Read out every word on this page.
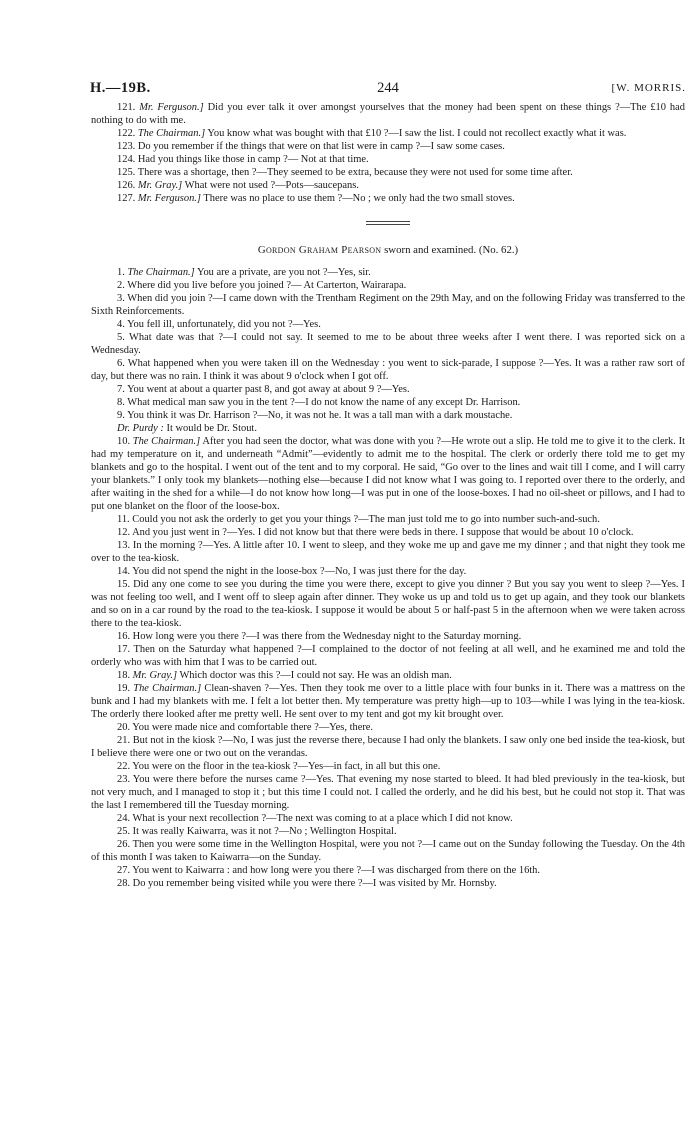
H.—19B.	244	[W. MORRIS.

121. Mr. Ferguson.] Did you ever talk it over amongst yourselves that the money had been spent on these things ?—The £10 had nothing to do with me.

122. The Chairman.] You know what was bought with that £10 ?—I saw the list. I could not recollect exactly what it was.

123. Do you remember if the things that were on that list were in camp ?—I saw some cases.

124. Had you things like those in camp ?— Not at that time.

125. There was a shortage, then ?—They seemed to be extra, because they were not used for some time after.

126. Mr. Gray.] What were not used ?—Pots—saucepans.

127. Mr. Ferguson.] There was no place to use them ?—No ; we only had the two small stoves.

Gordon Graham Pearson sworn and examined. (No. 62.)

1. The Chairman.] You are a private, are you not ?—Yes, sir.

2. Where did you live before you joined ?— At Carterton, Wairarapa.

3. When did you join ?—I came down with the Trentham Regiment on the 29th May, and on the following Friday was transferred to the Sixth Reinforcements.

4. You fell ill, unfortunately, did you not ?—Yes.

5. What date was that ?—I could not say. It seemed to me to be about three weeks after I went there. I was reported sick on a Wednesday.

6. What happened when you were taken ill on the Wednesday : you went to sick-parade, I suppose ?—Yes. It was a rather raw sort of day, but there was no rain. I think it was about 9 o'clock when I got off.

7. You went at about a quarter past 8, and got away at about 9 ?—Yes.

8. What medical man saw you in the tent ?—I do not know the name of any except Dr. Harrison.

9. You think it was Dr. Harrison ?—No, it was not he. It was a tall man with a dark moustache.

Dr. Purdy : It would be Dr. Stout.

10. The Chairman.] After you had seen the doctor, what was done with you ?—He wrote out a slip. He told me to give it to the clerk. It had my temperature on it, and underneath “Admit”—evidently to admit me to the hospital. The clerk or orderly there told me to get my blankets and go to the hospital. I went out of the tent and to my corporal. He said, “Go over to the lines and wait till I come, and I will carry your blankets.” I only took my blankets—nothing else—because I did not know what I was going to. I reported over there to the orderly, and after waiting in the shed for a while—I do not know how long—I was put in one of the loose-boxes. I had no oil-sheet or pillows, and I had to put one blanket on the floor of the loose-box.

11. Could you not ask the orderly to get you your things ?—The man just told me to go into number such-and-such.

12. And you just went in ?—Yes. I did not know but that there were beds in there. I suppose that would be about 10 o'clock.

13. In the morning ?—Yes. A little after 10. I went to sleep, and they woke me up and gave me my dinner ; and that night they took me over to the tea-kiosk.

14. You did not spend the night in the loose-box ?—No, I was just there for the day.

15. Did any one come to see you during the time you were there, except to give you dinner ? But you say you went to sleep ?—Yes. I was not feeling too well, and I went off to sleep again after dinner. They woke us up and told us to get up again, and they took our blankets and so on in a car round by the road to the tea-kiosk. I suppose it would be about 5 or half-past 5 in the afternoon when we were taken across there to the tea-kiosk.

16. How long were you there ?—I was there from the Wednesday night to the Saturday morning.

17. Then on the Saturday what happened ?—I complained to the doctor of not feeling at all well, and he examined me and told the orderly who was with him that I was to be carried out.

18. Mr. Gray.] Which doctor was this ?—I could not say. He was an oldish man.

19. The Chairman.] Clean-shaven ?—Yes. Then they took me over to a little place with four bunks in it. There was a mattress on the bunk and I had my blankets with me. I felt a lot better then. My temperature was pretty high—up to 103—while I was lying in the tea-kiosk. The orderly there looked after me pretty well. He sent over to my tent and got my kit brought over.

20. You were made nice and comfortable there ?—Yes, there.

21. But not in the kiosk ?—No, I was just the reverse there, because I had only the blankets. I saw only one bed inside the tea-kiosk, but I believe there were one or two out on the verandas.

22. You were on the floor in the tea-kiosk ?—Yes—in fact, in all but this one.

23. You were there before the nurses came ?—Yes. That evening my nose started to bleed. It had bled previously in the tea-kiosk, but not very much, and I managed to stop it ; but this time I could not. I called the orderly, and he did his best, but he could not stop it. That was the last I remembered till the Tuesday morning.

24. What is your next recollection ?—The next was coming to at a place which I did not know.

25. It was really Kaiwarra, was it not ?—No ; Wellington Hospital.

26. Then you were some time in the Wellington Hospital, were you not ?—I came out on the Sunday following the Tuesday. On the 4th of this month I was taken to Kaiwarra—on the Sunday.

27. You went to Kaiwarra : and how long were you there ?—I was discharged from there on the 16th.

28. Do you remember being visited while you were there ?—I was visited by Mr. Hornsby.
